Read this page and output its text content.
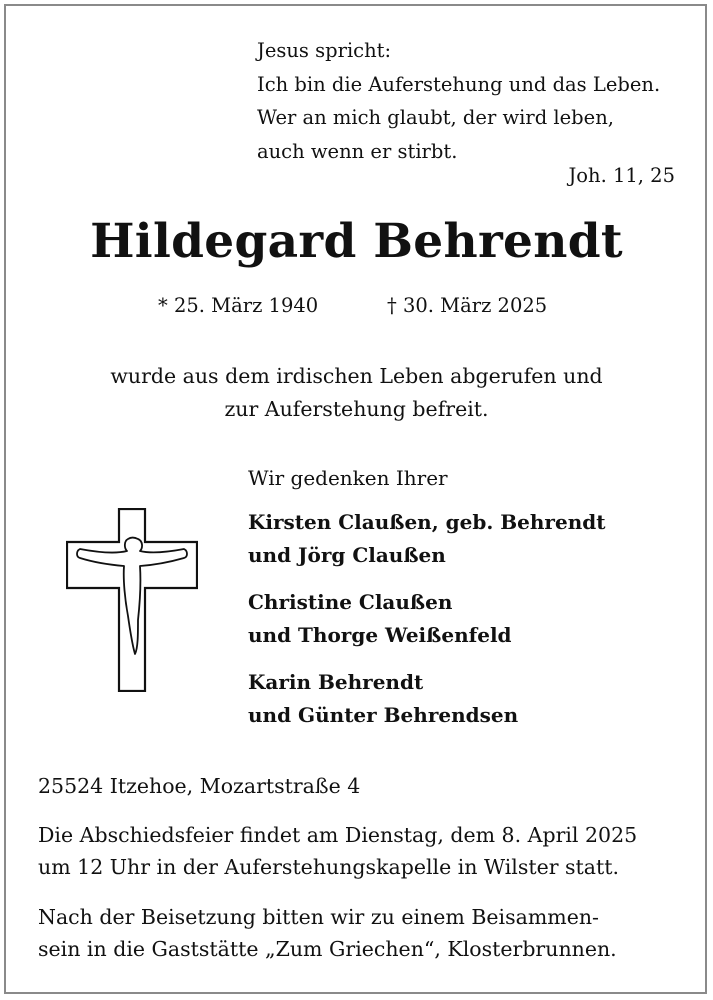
Jesus spricht:
Ich bin die Auferstehung und das Leben.
Wer an mich glaubt, der wird leben,
auch wenn er stirbt.
Joh. 11, 25
Hildegard Behrendt
* 25. März 1940	† 30. März 2025
wurde aus dem irdischen Leben abgerufen und
zur Auferstehung befreit.
Wir gedenken Ihrer
Kirsten Claußen, geb. Behrendt
und Jörg Claußen
Christine Claußen
und Thorge Weißenfeld
Karin Behrendt
und Günter Behrendsen
25524 Itzehoe, Mozartstraße 4
Die Abschiedsfeier findet am Dienstag, dem 8. April 2025
um 12 Uhr in der Auferstehungskapelle in Wilster statt.
Nach der Beisetzung bitten wir zu einem Beisammen-
sein in die Gaststätte „Zum Griechen“, Klosterbrunnen.
